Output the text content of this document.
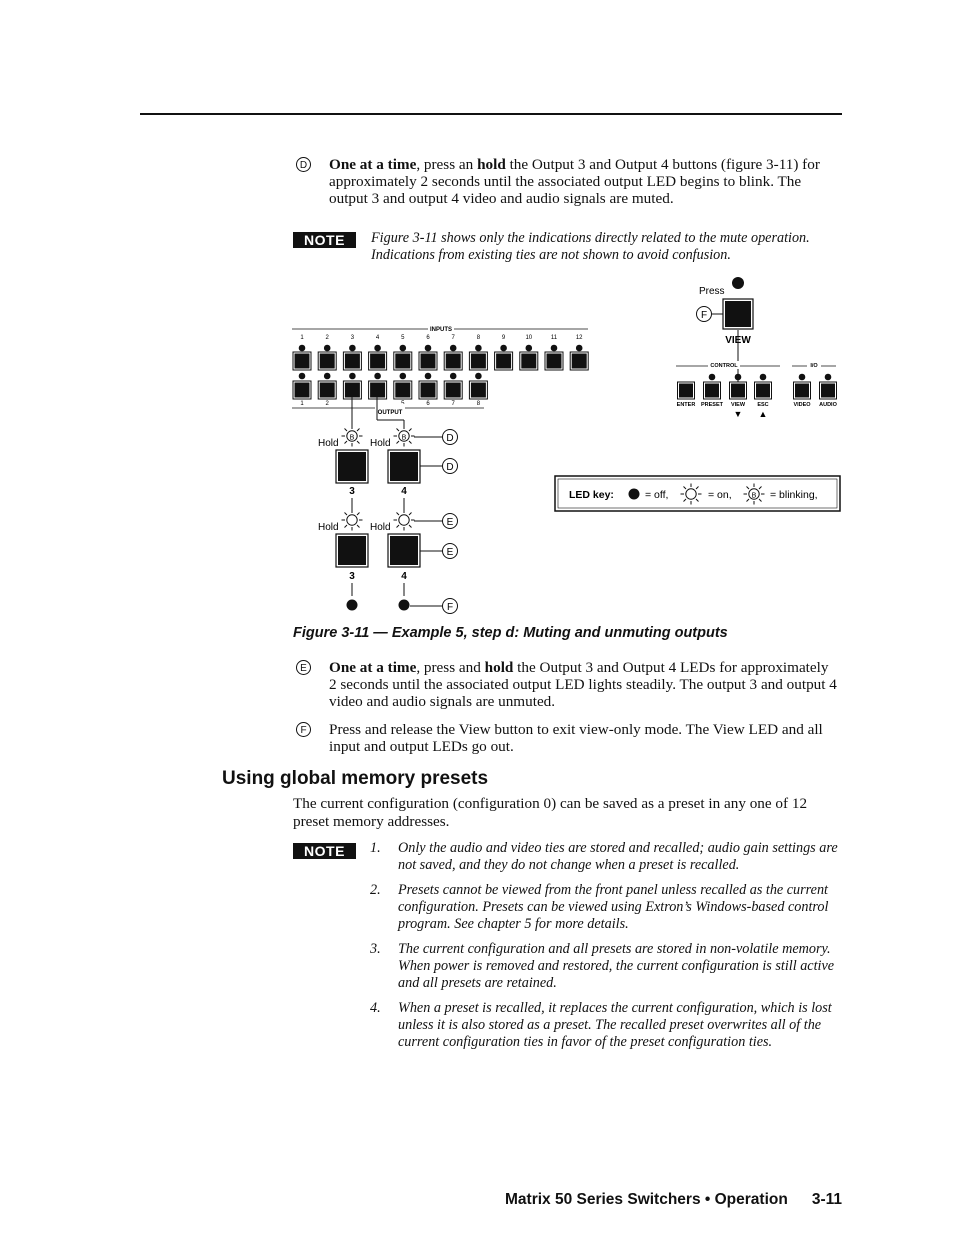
D One at a time, press an hold the Output 3 and Output 4 buttons (figure 3-11) for approximately 2 seconds until the associated output LED begins to blink. The output 3 and output 4 video and audio signals are muted.
NOTE	Figure 3-11 shows only the indications directly related to the mute operation. Indications from existing ties are not shown to avoid confusion.
INPUTS
1	2	3	4	5	6	7	8	9	10	11	12
1	2	6	7	8
OUTPUT
Press
F
VIEW
CONTROL	I/O
ENTER PRESET VIEW ESC	VIDEO AUDIO
▼ ▲
B	B
Hold	Hold	D
D
3	4
Hold	Hold	E
E
3	4
F
LED key:	= off,	= on,	B = blinking,
Figure 3-11 — Example 5, step d: Muting and unmuting outputs
E One at a time, press and hold the Output 3 and Output 4 LEDs for approximately 2 seconds until the associated output LED lights steadily. The output 3 and output 4 video and audio signals are unmuted.
F Press and release the View button to exit view-only mode. The View LED and all input and output LEDs go out.
Using global memory presets
The current configuration (configuration 0) can be saved as a preset in any one of 12 preset memory addresses.
NOTE	1. Only the audio and video ties are stored and recalled; audio gain settings are not saved, and they do not change when a preset is recalled.
2. Presets cannot be viewed from the front panel unless recalled as the current configuration. Presets can be viewed using Extron’s Windows-based control program. See chapter 5 for more details.
3. The current configuration and all presets are stored in non-volatile memory. When power is removed and restored, the current configuration is still active and all presets are retained.
4. When a preset is recalled, it replaces the current configuration, which is lost unless it is also stored as a preset. The recalled preset overwrites all of the current configuration ties in favor of the preset configuration ties.
Matrix 50 Series Switchers • Operation 3-11
